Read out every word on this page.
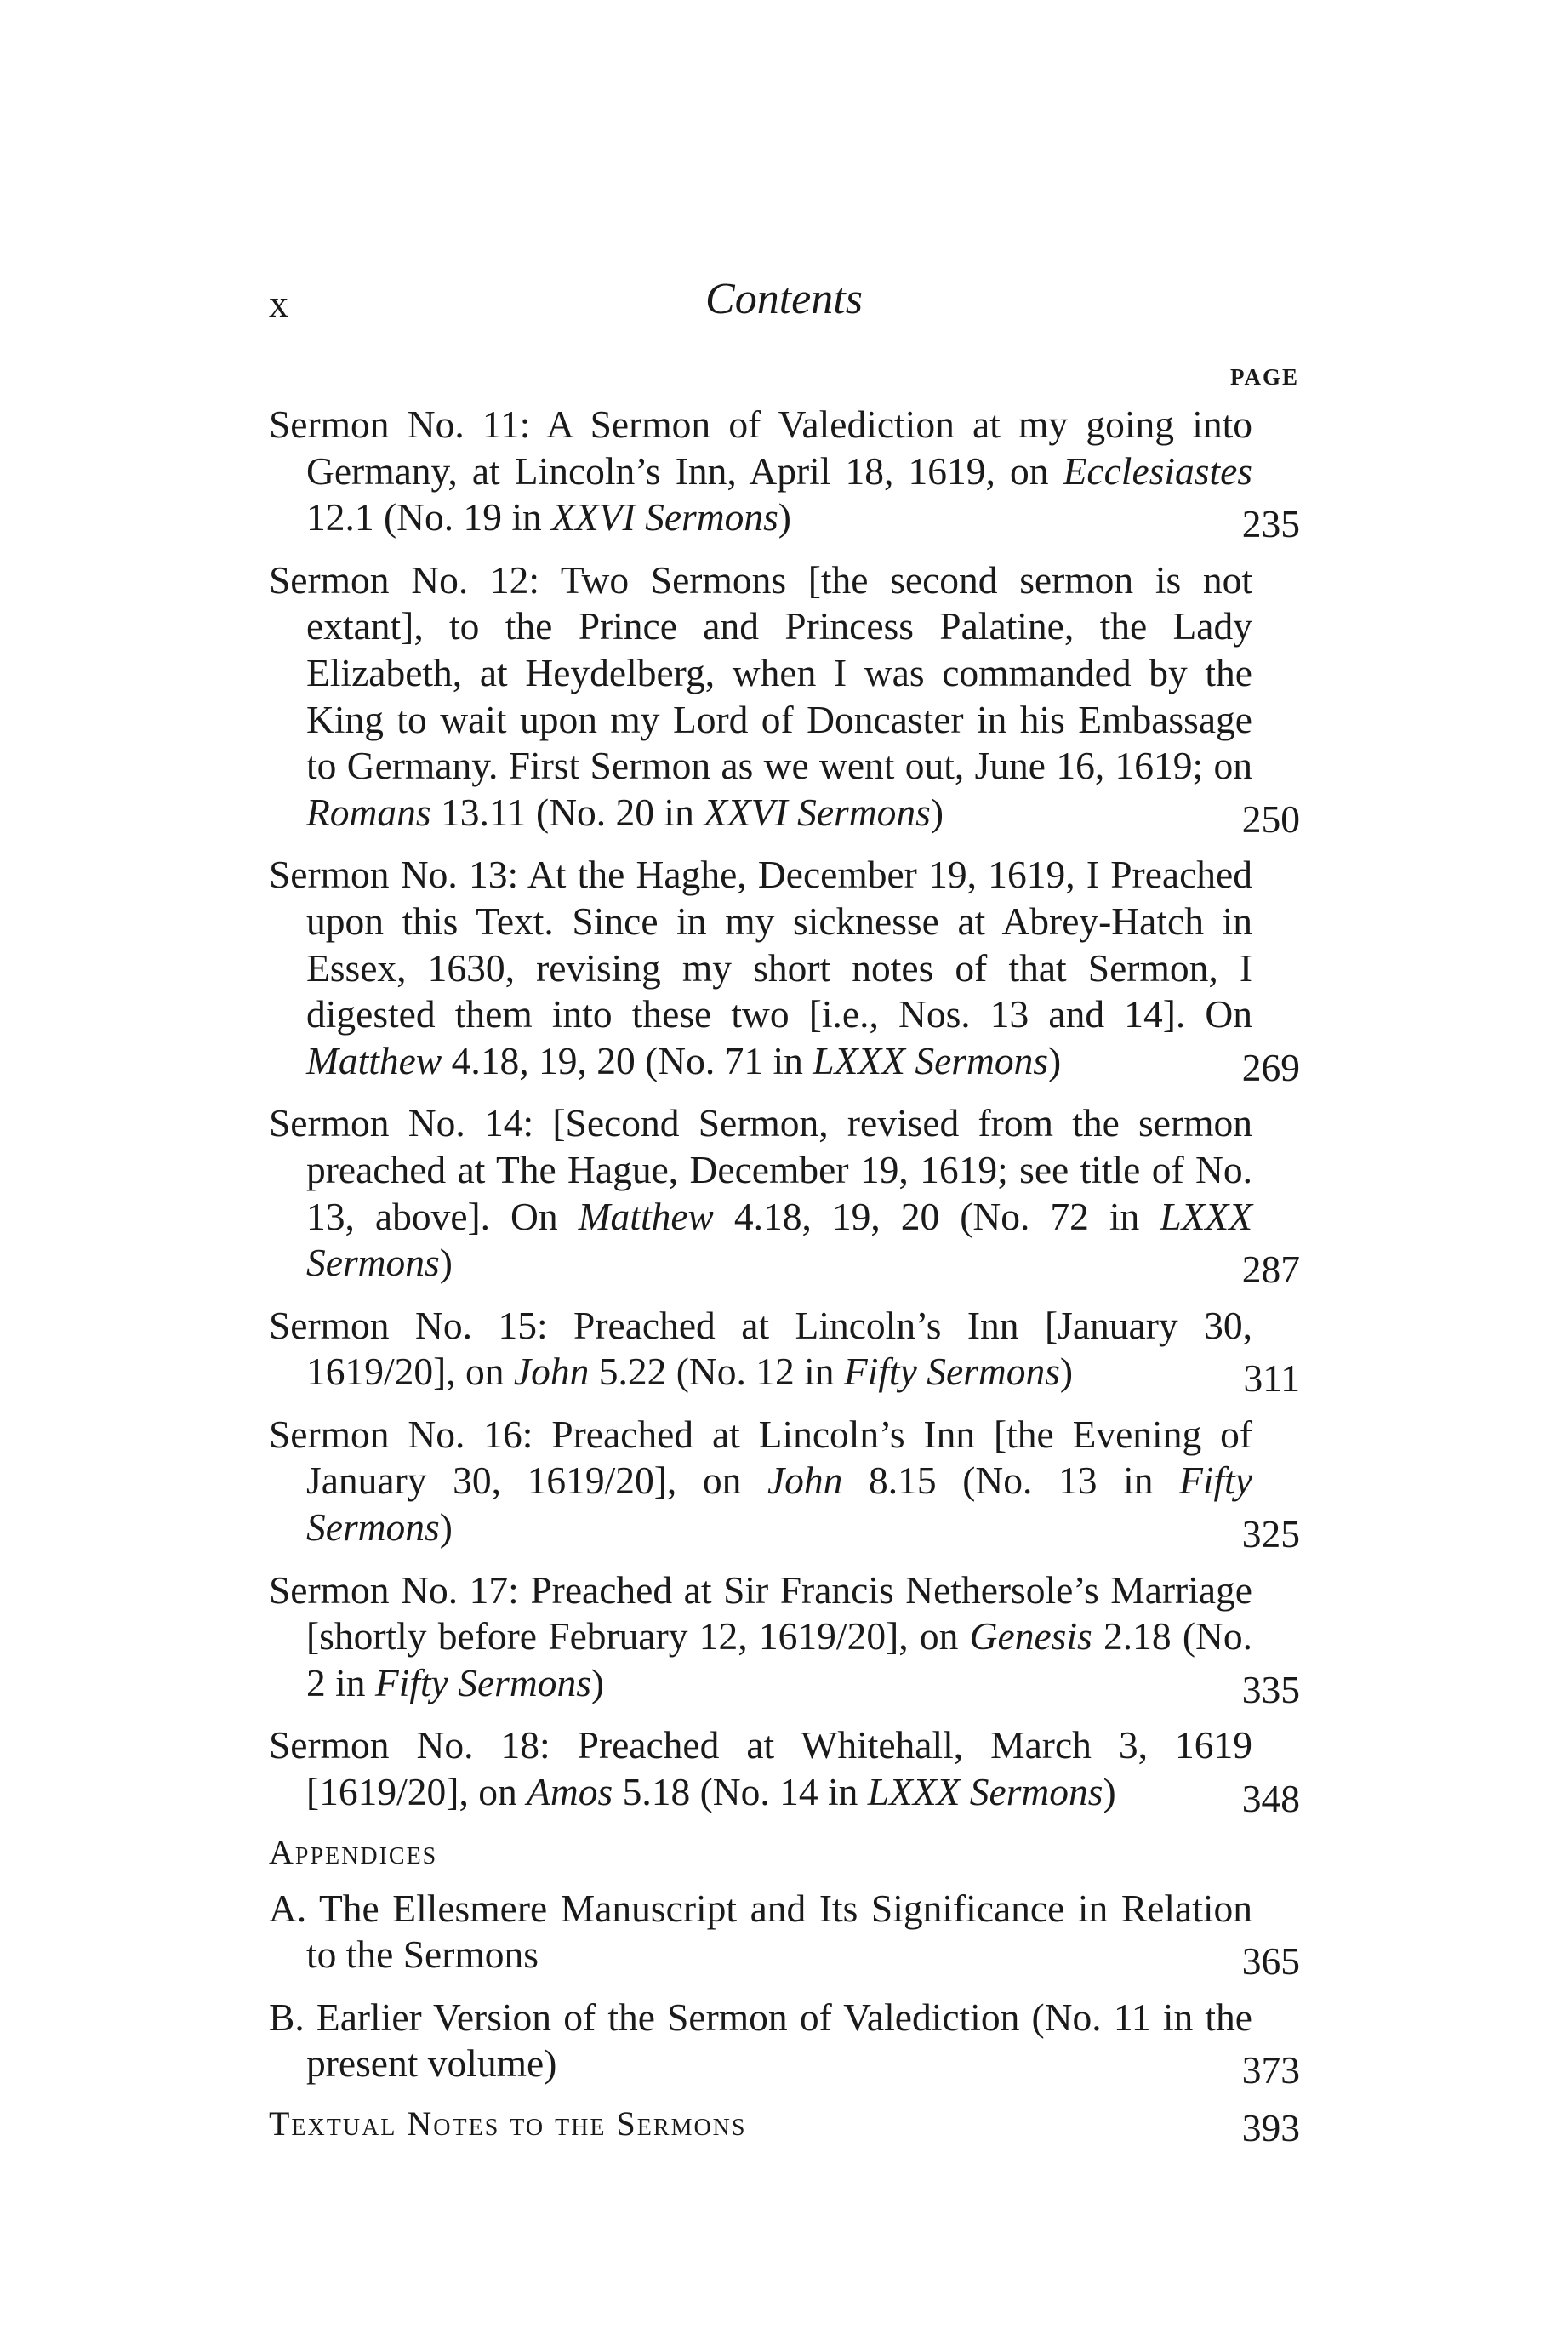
x	Contents
PAGE
Sermon No. 11: A Sermon of Valediction at my going into Germany, at Lincoln’s Inn, April 18, 1619, on Ecclesiastes 12.1 (No. 19 in XXVI Sermons)	235
Sermon No. 12: Two Sermons [the second sermon is not extant], to the Prince and Princess Palatine, the Lady Elizabeth, at Heydelberg, when I was commanded by the King to wait upon my Lord of Doncaster in his Embassage to Germany. First Sermon as we went out, June 16, 1619; on Romans 13.11 (No. 20 in XXVI Sermons)	250
Sermon No. 13: At the Haghe, December 19, 1619, I Preached upon this Text. Since in my sicknesse at Abrey-Hatch in Essex, 1630, revising my short notes of that Sermon, I digested them into these two [i.e., Nos. 13 and 14]. On Matthew 4.18, 19, 20 (No. 71 in LXXX Sermons)	269
Sermon No. 14: [Second Sermon, revised from the sermon preached at The Hague, December 19, 1619; see title of No. 13, above]. On Matthew 4.18, 19, 20 (No. 72 in LXXX Sermons)	287
Sermon No. 15: Preached at Lincoln’s Inn [January 30, 1619/20], on John 5.22 (No. 12 in Fifty Sermons)	311
Sermon No. 16: Preached at Lincoln’s Inn [the Evening of January 30, 1619/20], on John 8.15 (No. 13 in Fifty Sermons)	325
Sermon No. 17: Preached at Sir Francis Nethersole’s Marriage [shortly before February 12, 1619/20], on Genesis 2.18 (No. 2 in Fifty Sermons)	335
Sermon No. 18: Preached at Whitehall, March 3, 1619 [1619/20], on Amos 5.18 (No. 14 in LXXX Sermons)	348
Appendices
A. The Ellesmere Manuscript and Its Significance in Relation to the Sermons	365
B. Earlier Version of the Sermon of Valediction (No. 11 in the present volume)	373
Textual Notes to the Sermons	393
